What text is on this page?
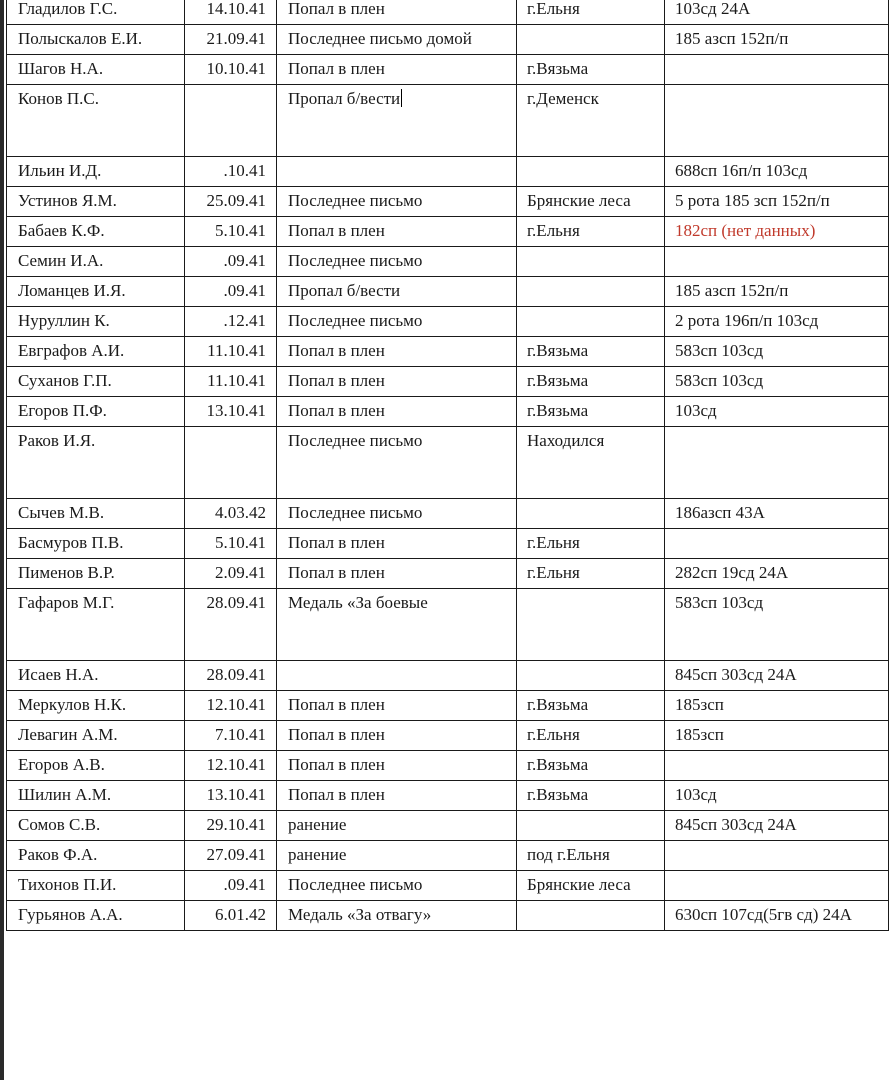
Гладилов Г.С.	14.10.41	Попал в плен	г.Ельня	103сд 24А
Полыскалов Е.И.	21.09.41	Последнее письмо домой		185 азсп 152п/п
Шагов Н.А.	10.10.41	Попал в плен	г.Вязьма	
Конов П.С.		Пропал б/вести	г.Деменск	
Ильин И.Д.	.10.41			688сп 16п/п 103сд
Устинов Я.М.	25.09.41	Последнее письмо	Брянские леса	5 рота 185 зсп 152п/п
Бабаев К.Ф.	5.10.41	Попал в плен	г.Ельня	182сп (нет данных)
Семин И.А.	.09.41	Последнее письмо		
Ломанцев И.Я.	.09.41	Пропал б/вести		185 азсп 152п/п
Нуруллин К.	.12.41	Последнее письмо		2 рота 196п/п 103сд
Евграфов А.И.	11.10.41	Попал в плен	г.Вязьма	583сп 103сд
Суханов Г.П.	11.10.41	Попал в плен	г.Вязьма	583сп 103сд
Егоров П.Ф.	13.10.41	Попал в плен	г.Вязьма	103сд
Раков И.Я.		Последнее письмо	Находился	
Сычев М.В.	4.03.42	Последнее письмо		186азсп 43А
Басмуров П.В.	5.10.41	Попал в плен	г.Ельня	
Пименов В.Р.	2.09.41	Попал в плен	г.Ельня	282сп 19сд 24А
Гафаров М.Г.	28.09.41	Медаль «За боевые		583сп 103сд
Исаев Н.А.	28.09.41			845сп 303сд 24А
Меркулов Н.К.	12.10.41	Попал в плен	г.Вязьма	185зсп
Левагин А.М.	7.10.41	Попал в плен	г.Ельня	185зсп
Егоров А.В.	12.10.41	Попал в плен	г.Вязьма	
Шилин А.М.	13.10.41	Попал в плен	г.Вязьма	103сд
Сомов С.В.	29.10.41	ранение		845сп 303сд 24А
Раков Ф.А.	27.09.41	ранение	под г.Ельня	
Тихонов П.И.	.09.41	Последнее письмо	Брянские леса	
Гурьянов А.А.	6.01.42	Медаль «За отвагу»		630сп 107сд(5гв сд) 24А
